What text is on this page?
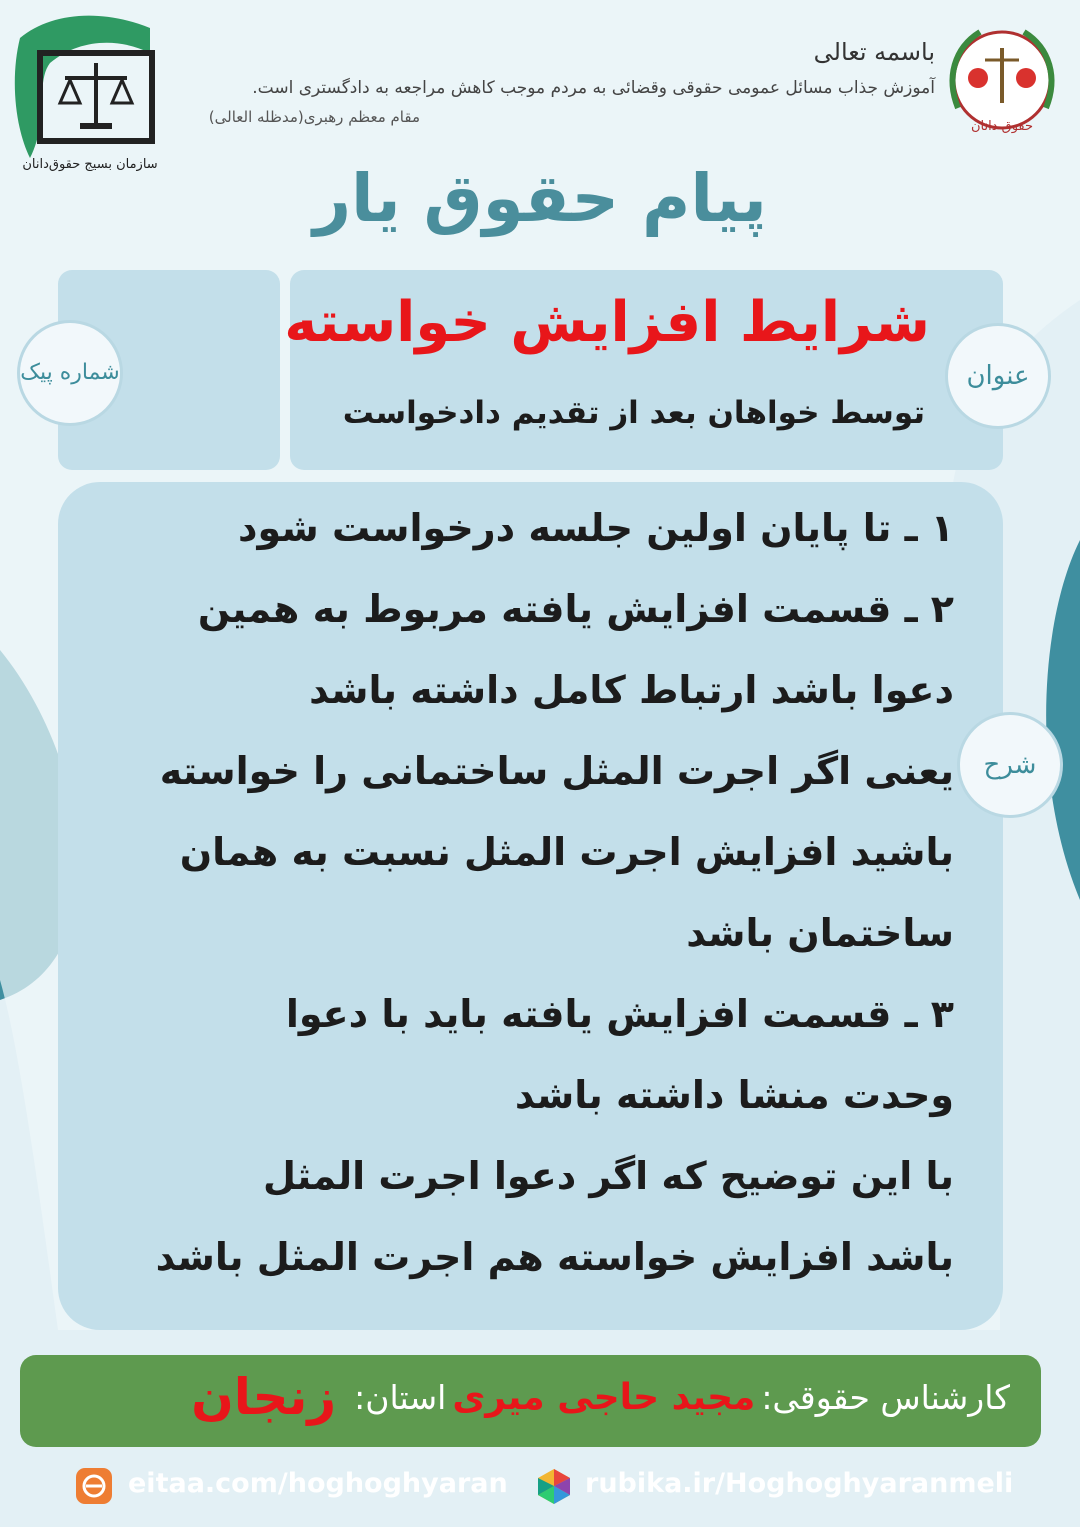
سازمان بسیج حقوق‌دانان
حقوق دانان
باسمه تعالی
آموزش جذاب مسائل عمومی حقوقی وقضائی به مردم موجب کاهش مراجعه به دادگستری است.
مقام معظم رهبری(مدظله العالی)
پیام حقوق یار
شماره پیک	عنوان
شرح
شرایط افزایش خواسته
توسط خواهان بعد از تقدیم دادخواست
۱ ـ تا پایان اولین جلسه درخواست شود
۲ ـ قسمت افزایش یافته مربوط به همین
دعوا باشد ارتباط کامل داشته باشد
یعنی اگر اجرت المثل ساختمانی را خواسته
باشید افزایش اجرت المثل نسبت به همان
ساختمان باشد
۳ ـ قسمت افزایش یافته باید با دعوا
وحدت منشا داشته باشد
با این توضیح که اگر دعوا اجرت المثل
باشد افزایش خواسته هم اجرت المثل باشد
کارشناس حقوقی:
مجید حاجی میری
استان:
زنجان
rubika.ir/Hoghoghyaranmeli
eitaa.com/hoghoghyaran
